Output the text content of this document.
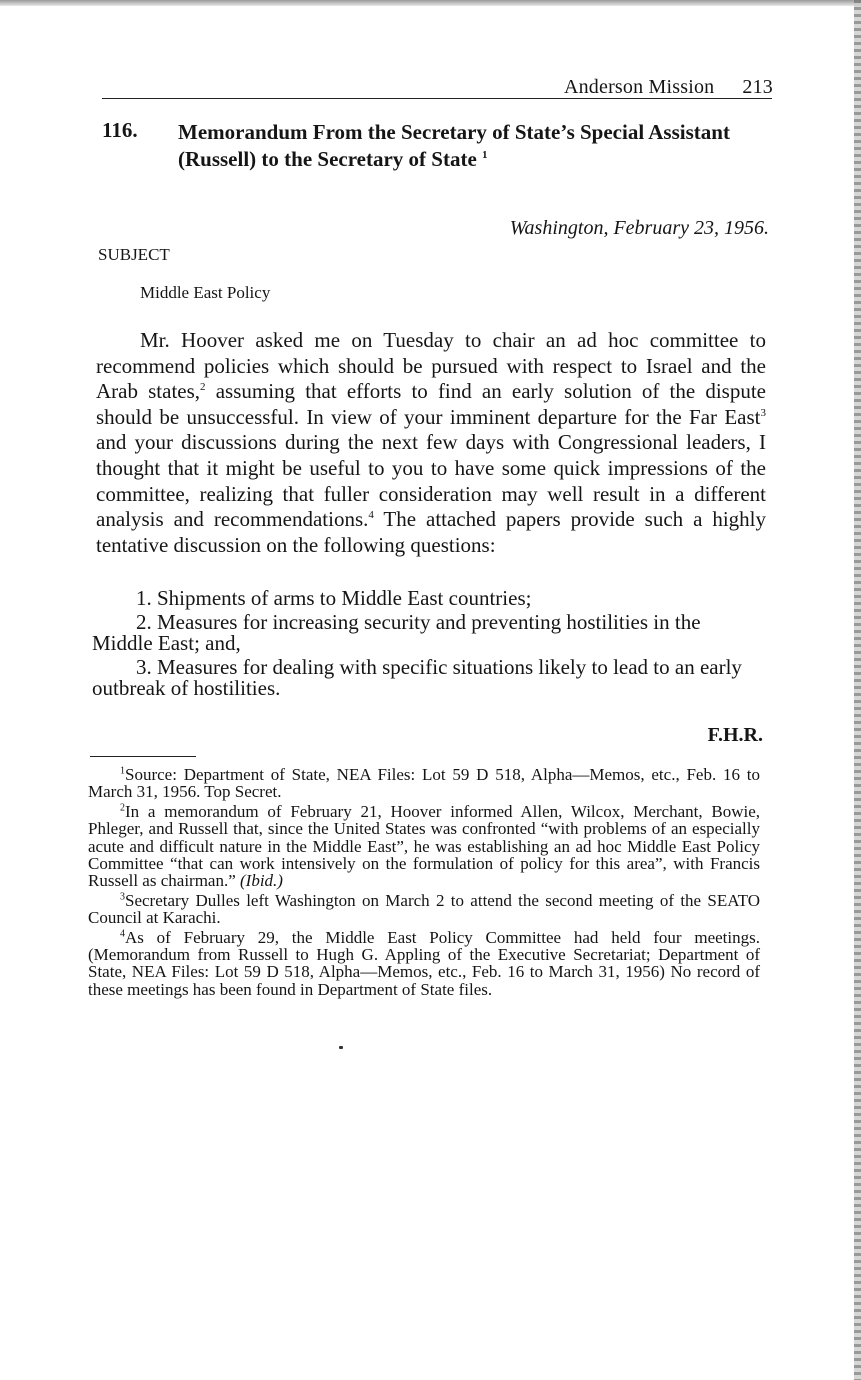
Anderson Mission 213
116. Memorandum From the Secretary of State’s Special Assistant (Russell) to the Secretary of State $^1$
Washington, February 23, 1956.
SUBJECT
Middle East Policy
Mr. Hoover asked me on Tuesday to chair an ad hoc committee to recommend policies which should be pursued with respect to Israel and the Arab states,$^2$ assuming that efforts to find an early solution of the dispute should be unsuccessful. In view of your imminent departure for the Far East$^3$ and your discussions during the next few days with Congressional leaders, I thought that it might be useful to you to have some quick impressions of the committee, realizing that fuller consideration may well result in a different analysis and recommendations.$^4$ The attached papers provide such a highly tentative discussion on the following questions:
1. Shipments of arms to Middle East countries;
2. Measures for increasing security and preventing hostilities in the Middle East; and,
3. Measures for dealing with specific situations likely to lead to an early outbreak of hostilities.
F.H.R.
$^1$Source: Department of State, NEA Files: Lot 59 D 518, Alpha—Memos, etc., Feb. 16 to March 31, 1956. Top Secret.
$^2$In a memorandum of February 21, Hoover informed Allen, Wilcox, Merchant, Bowie, Phleger, and Russell that, since the United States was confronted “with problems of an especially acute and difficult nature in the Middle East”, he was establishing an ad hoc Middle East Policy Committee “that can work intensively on the formulation of policy for this area”, with Francis Russell as chairman.” (Ibid.)
$^3$Secretary Dulles left Washington on March 2 to attend the second meeting of the SEATO Council at Karachi.
$^4$As of February 29, the Middle East Policy Committee had held four meetings. (Memorandum from Russell to Hugh G. Appling of the Executive Secretariat; Department of State, NEA Files: Lot 59 D 518, Alpha—Memos, etc., Feb. 16 to March 31, 1956) No record of these meetings has been found in Department of State files.
